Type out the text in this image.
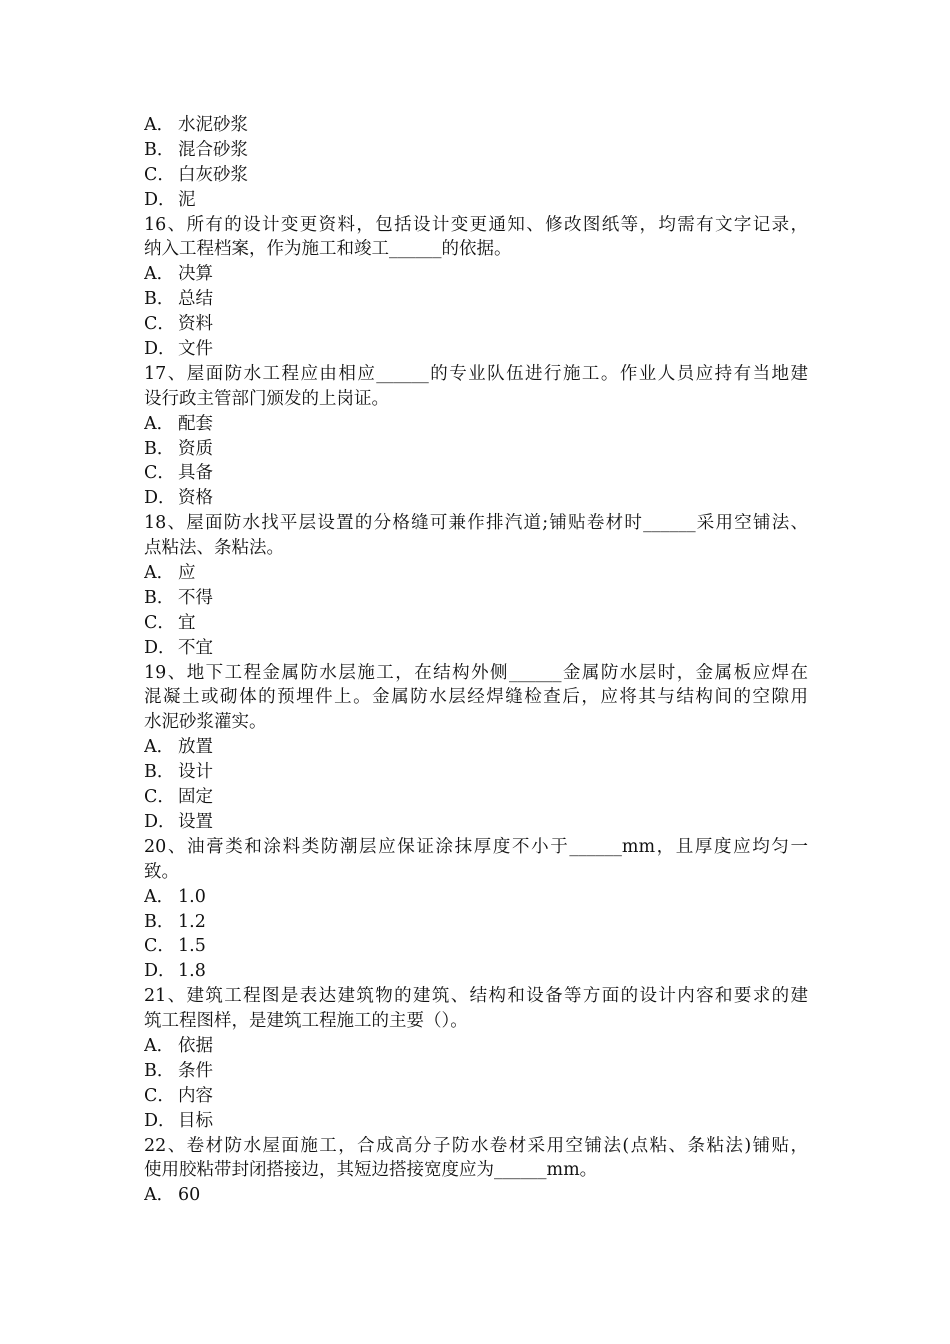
A． 水泥砂浆
B． 混合砂浆
C． 白灰砂浆
D． 泥
16、所有的设计变更资料，包括设计变更通知、修改图纸等，均需有文字记录，
纳入工程档案，作为施工和竣工______的依据。
A． 决算
B． 总结
C． 资料
D． 文件
17、屋面防水工程应由相应______的专业队伍进行施工。作业人员应持有当地建
设行政主管部门颁发的上岗证。
A． 配套
B． 资质
C． 具备
D． 资格
18、屋面防水找平层设置的分格缝可兼作排汽道;铺贴卷材时______采用空铺法、
点粘法、条粘法。
A． 应
B． 不得
C． 宜
D． 不宜
19、地下工程金属防水层施工，在结构外侧______金属防水层时，金属板应焊在
混凝土或砌体的预埋件上。金属防水层经焊缝检查后，应将其与结构间的空隙用
水泥砂浆灌实。
A． 放置
B． 设计
C． 固定
D． 设置
20、油膏类和涂料类防潮层应保证涂抹厚度不小于______mm，且厚度应均匀一
致。
A． 1.0
B． 1.2
C． 1.5
D． 1.8
21、建筑工程图是表达建筑物的建筑、结构和设备等方面的设计内容和要求的建
筑工程图样，是建筑工程施工的主要（）。
A． 依据
B． 条件
C． 内容
D． 目标
22、卷材防水屋面施工，合成高分子防水卷材采用空铺法(点粘、条粘法)铺贴，
使用胶粘带封闭搭接边，其短边搭接宽度应为______mm。
A． 60
